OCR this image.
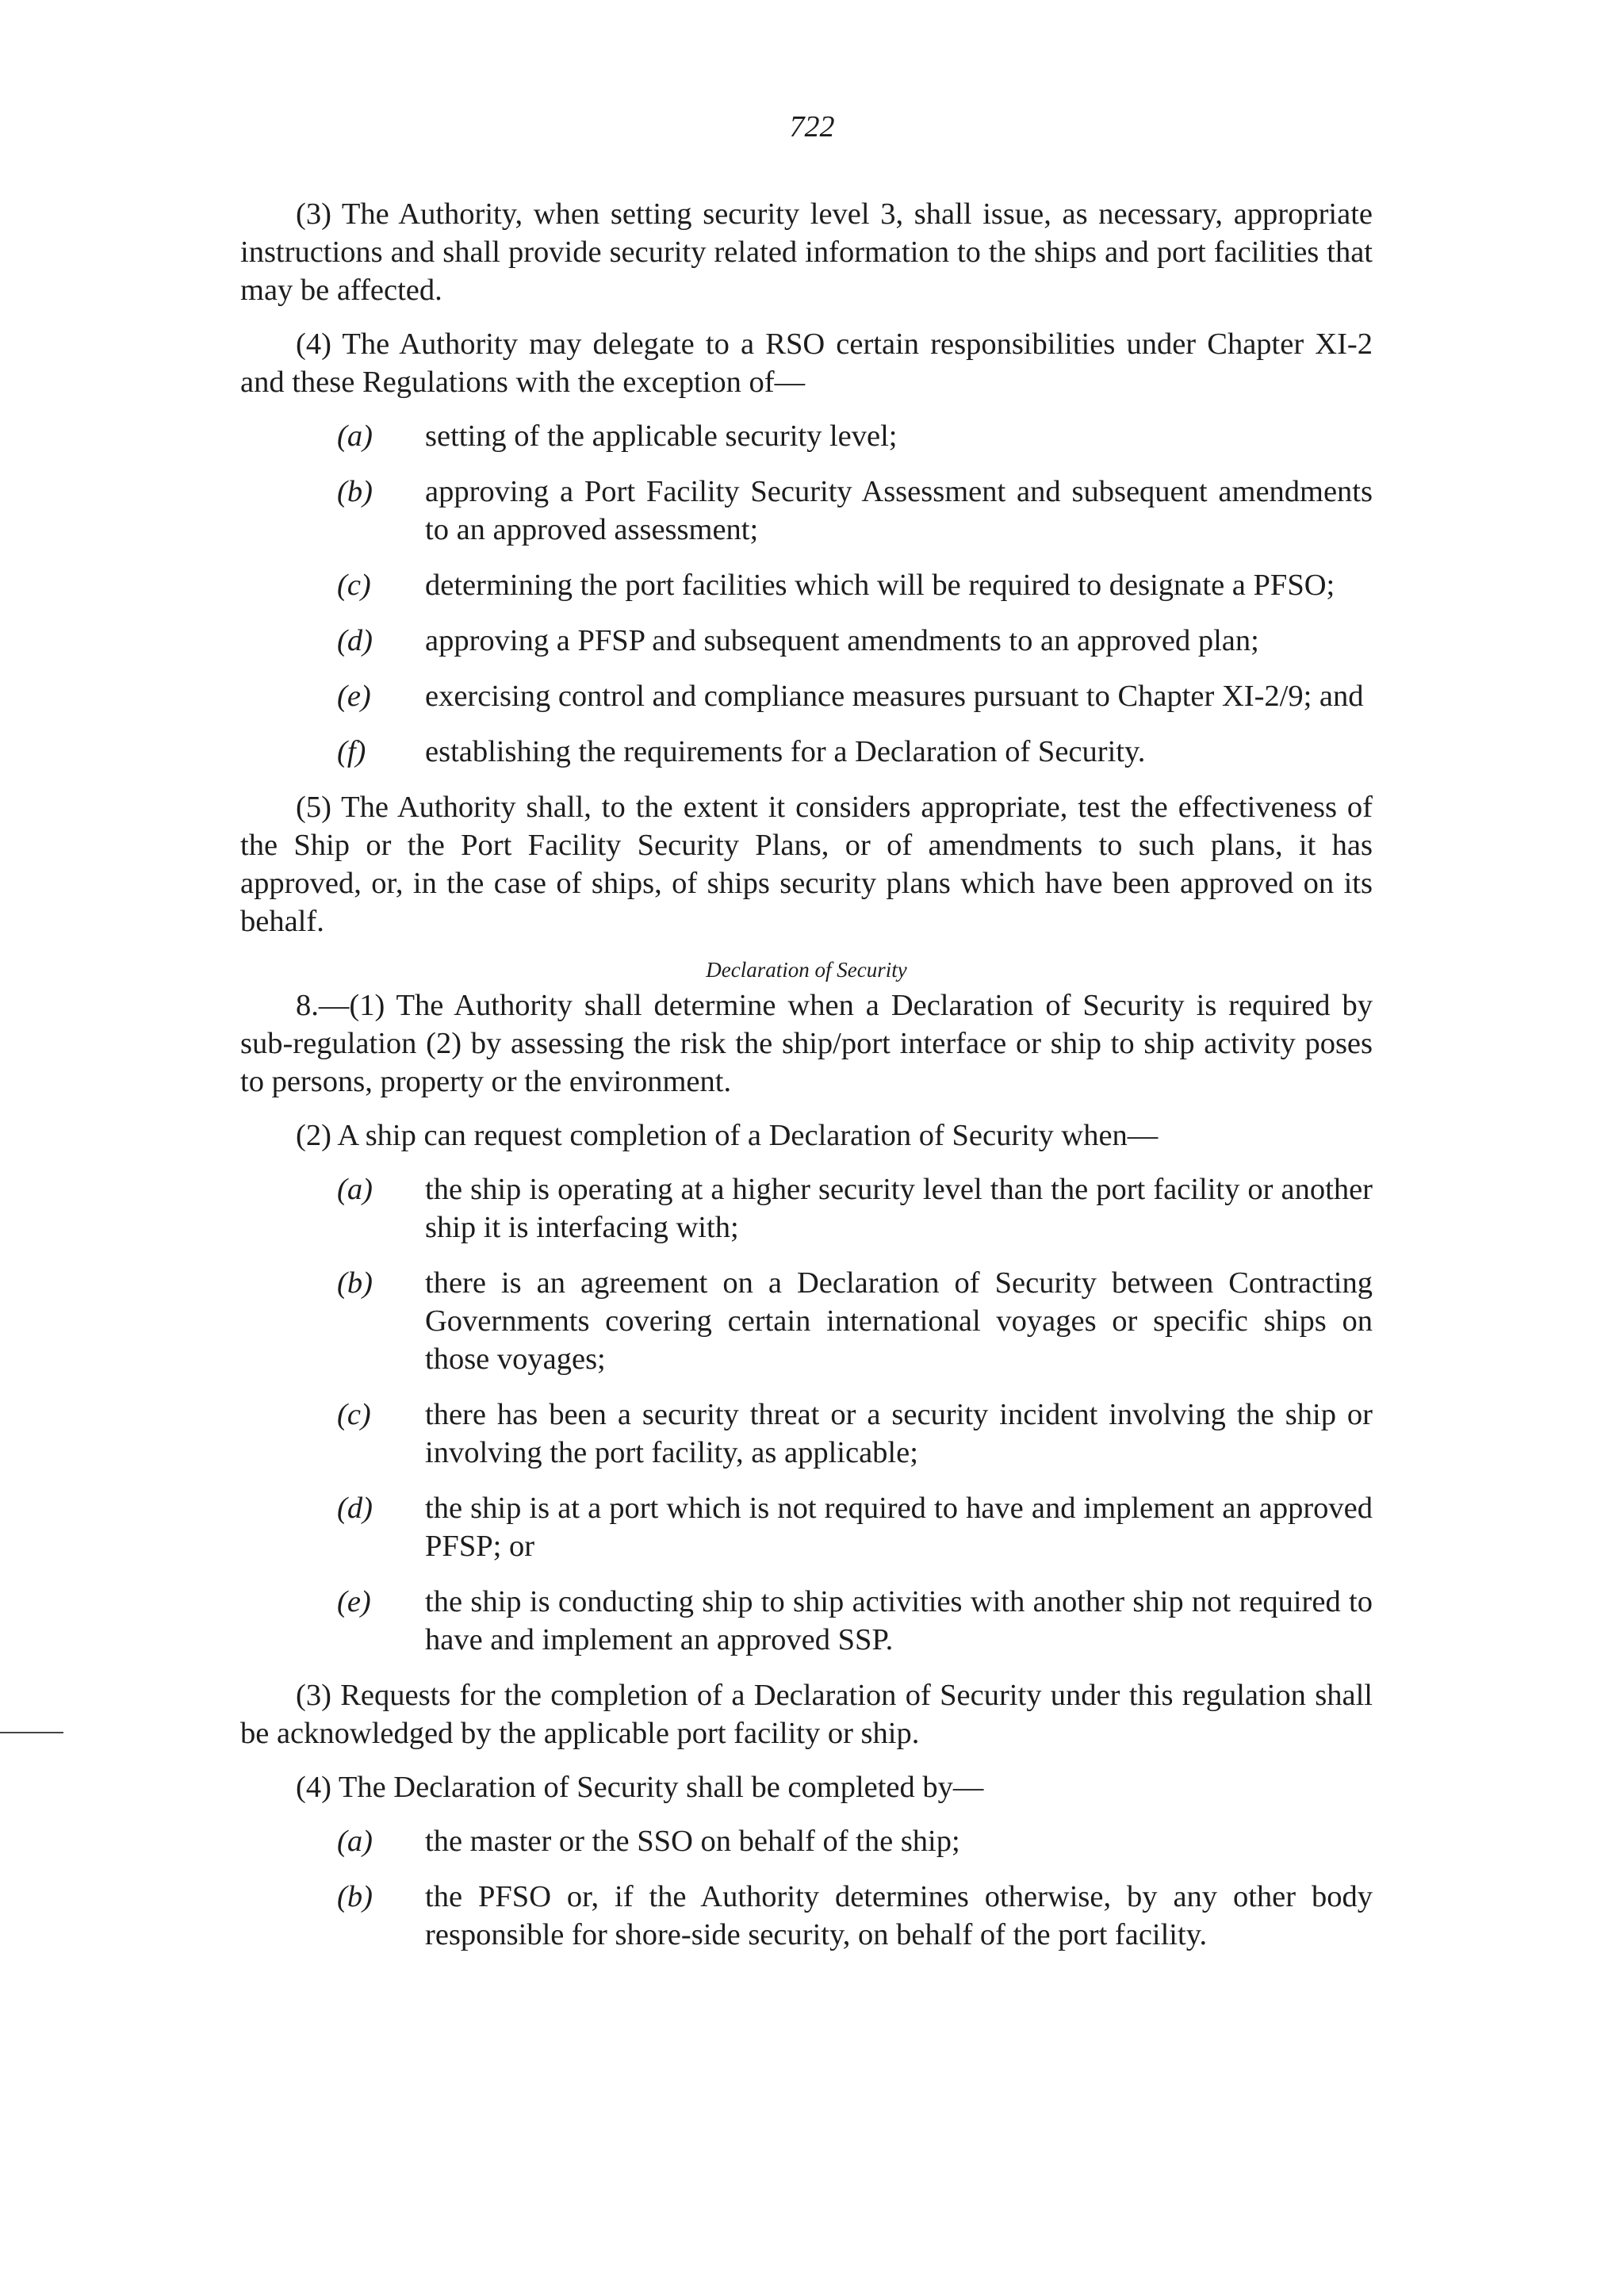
722

(3) The Authority, when setting security level 3, shall issue, as necessary, appropriate instructions and shall provide security related information to the ships and port facilities that may be affected.

(4) The Authority may delegate to a RSO certain responsibilities under Chapter XI-2 and these Regulations with the exception of—

(a) setting of the applicable security level;
(b) approving a Port Facility Security Assessment and subsequent amendments to an approved assessment;
(c) determining the port facilities which will be required to designate a PFSO;
(d) approving a PFSP and subsequent amendments to an approved plan;
(e) exercising control and compliance measures pursuant to Chapter XI-2/9; and
(f) establishing the requirements for a Declaration of Security.

(5) The Authority shall, to the extent it considers appropriate, test the effectiveness of the Ship or the Port Facility Security Plans, or of amendments to such plans, it has approved, or, in the case of ships, of ships security plans which have been approved on its behalf.

Declaration of Security

8.—(1) The Authority shall determine when a Declaration of Security is required by sub-regulation (2) by assessing the risk the ship/port interface or ship to ship activity poses to persons, property or the environment.

(2) A ship can request completion of a Declaration of Security when—

(a) the ship is operating at a higher security level than the port facility or another ship it is interfacing with;
(b) there is an agreement on a Declaration of Security between Contracting Governments covering certain international voyages or specific ships on those voyages;
(c) there has been a security threat or a security incident involving the ship or involving the port facility, as applicable;
(d) the ship is at a port which is not required to have and implement an approved PFSP; or
(e) the ship is conducting ship to ship activities with another ship not required to have and implement an approved SSP.

(3) Requests for the completion of a Declaration of Security under this regulation shall be acknowledged by the applicable port facility or ship.

(4) The Declaration of Security shall be completed by—

(a) the master or the SSO on behalf of the ship;
(b) the PFSO or, if the Authority determines otherwise, by any other body responsible for shore-side security, on behalf of the port facility.
